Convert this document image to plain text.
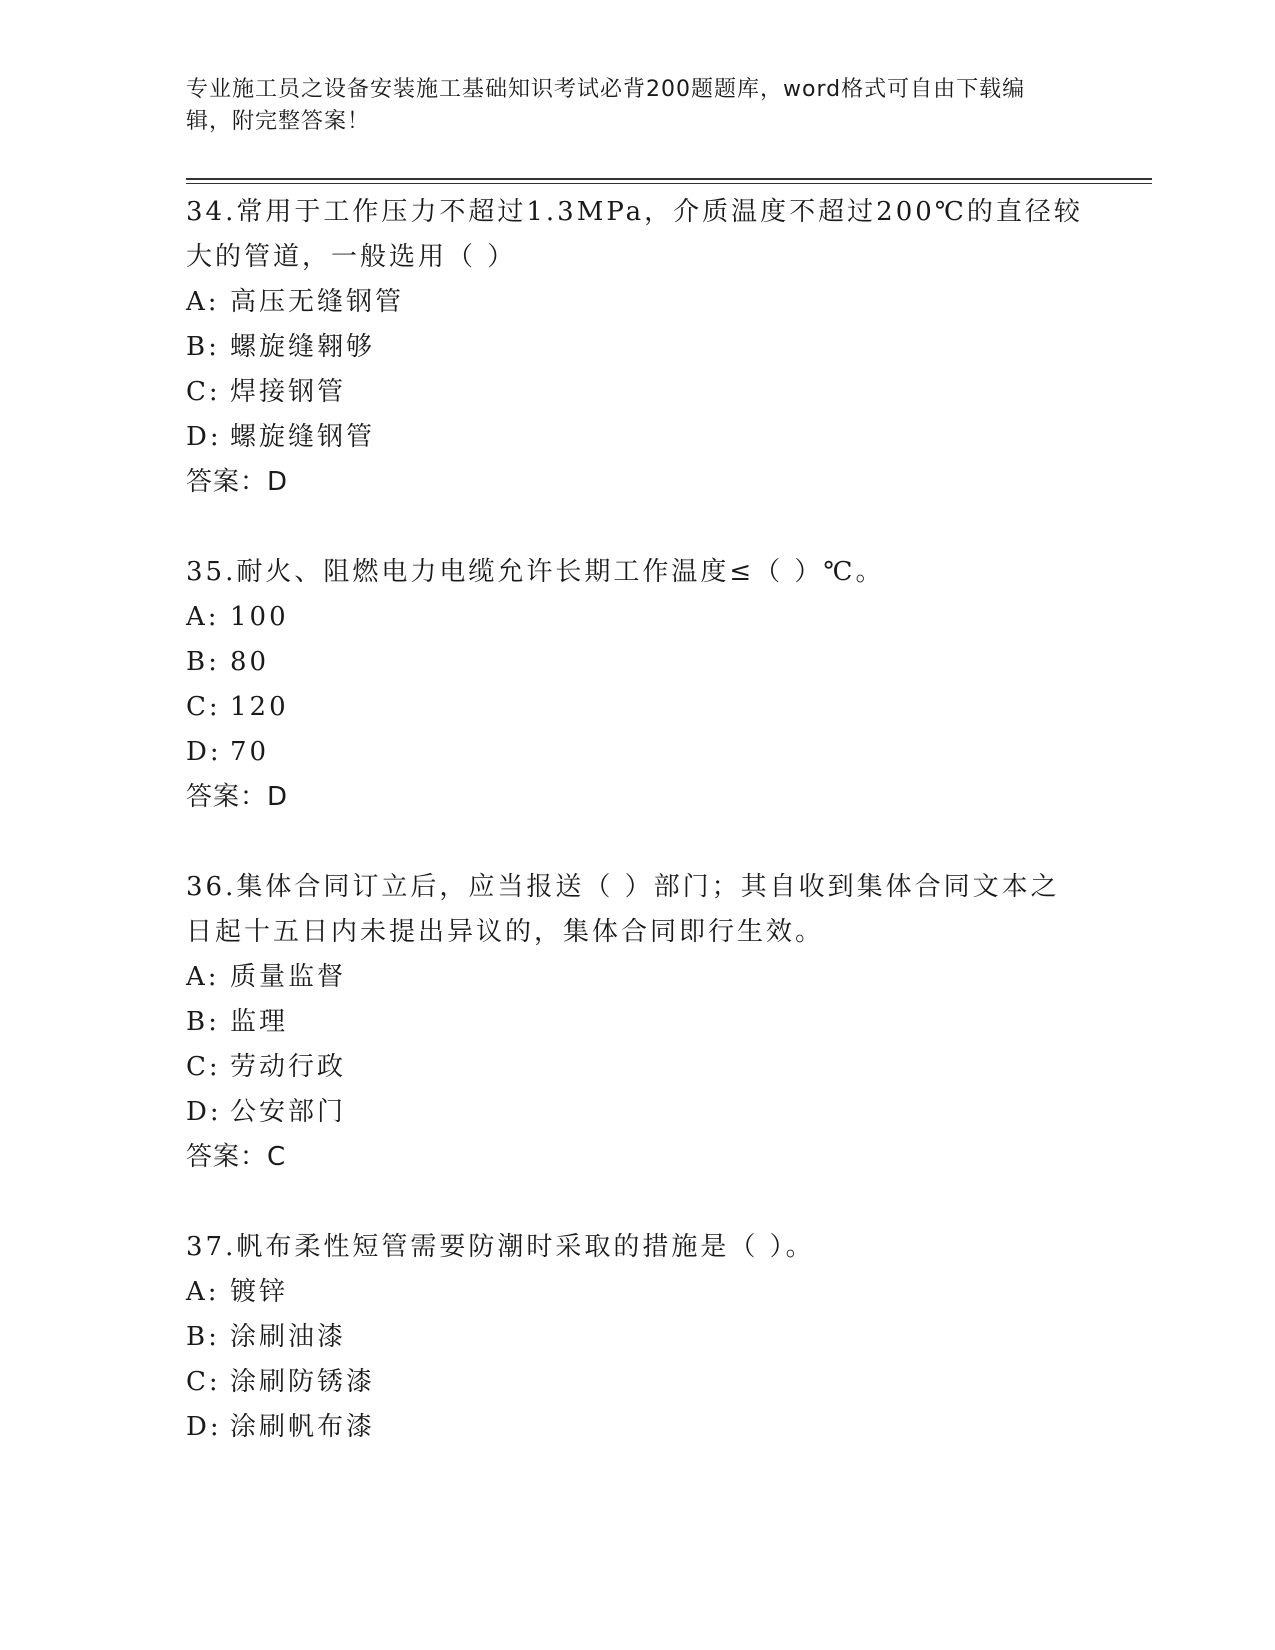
专业施工员之设备安装施工基础知识考试必背200题题库，word格式可自由下载编辑，附完整答案！

34.常用于工作压力不超过1.3MPa，介质温度不超过200℃的直径较大的管道，一般选用（ ）

A: 高压无缝钢管

B: 螺旋缝翱够

C: 焊接钢管

D: 螺旋缝钢管

答案：D

35.耐火、阻燃电力电缆允许长期工作温度≤（ ）℃。

A: 100

B: 80

C: 120

D: 70

答案：D

36.集体合同订立后，应当报送（ ）部门；其自收到集体合同文本之日起十五日内未提出异议的，集体合同即行生效。

A: 质量监督

B: 监理

C: 劳动行政

D: 公安部门

答案：C

37.帆布柔性短管需要防潮时采取的措施是（ ）。

A: 镀锌

B: 涂刷油漆

C: 涂刷防锈漆

D: 涂刷帆布漆
